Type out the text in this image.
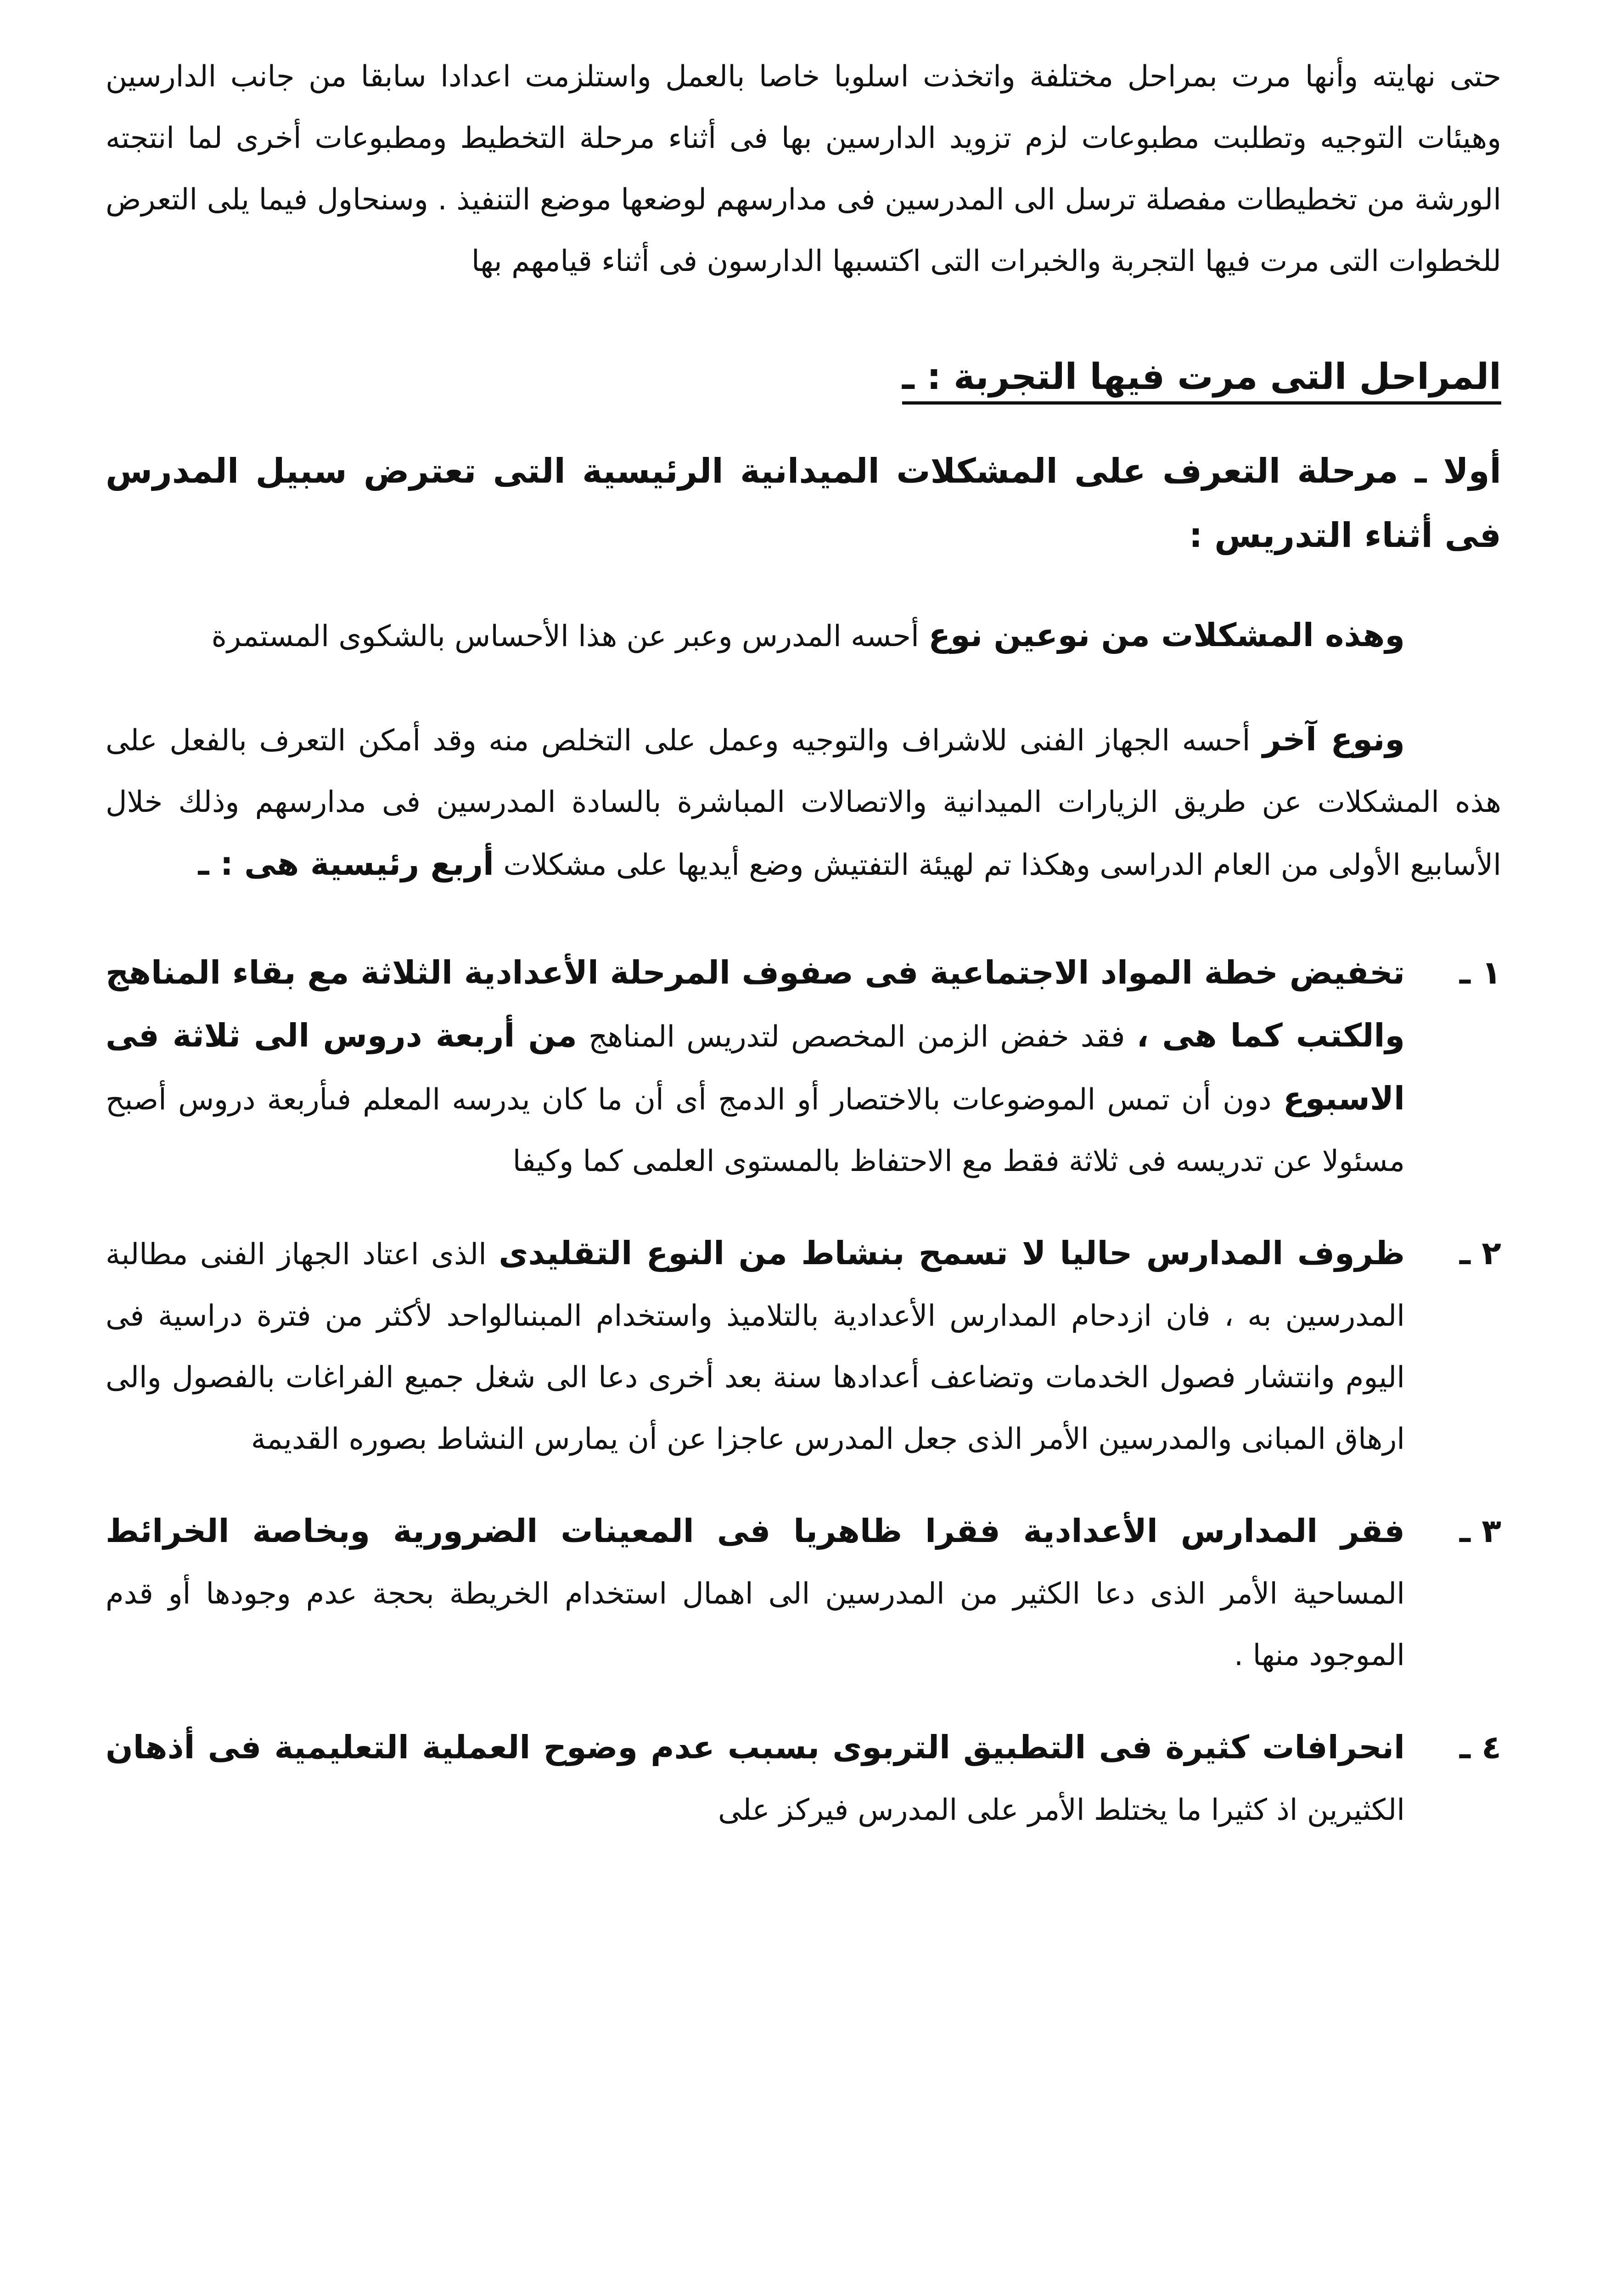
حتى نهايته وأنها مرت بمراحل مختلفة واتخذت اسلوبا خاصا بالعمل واستلزمت اعدادا سابقا من جانب الدارسين وهيئات التوجيه وتطلبت مطبوعات لزم تزويد الدارسين بها فى أثناء مرحلة التخطيط ومطبوعات أخرى لما انتجته الورشة من تخطيطات مفصلة ترسل الى المدرسين فى مدارسهم لوضعها موضع التنفيذ . وسنحاول فيما يلى التعرض للخطوات التى مرت فيها التجربة والخبرات التى اكتسبها الدارسون فى أثناء قيامهم بها

المراحل التى مرت فيها التجربة : ـ
أولا ـ مرحلة التعرف على المشكلات الميدانية الرئيسية التى تعترض سبيل المدرس فى أثناء التدريس :

وهذه المشكلات من نوعين نوع أحسه المدرس وعبر عن هذا الأحساس بالشكوى المستمرة

ونوع آخر أحسه الجهاز الفنى للاشراف والتوجيه وعمل على التخلص منه وقد أمكن التعرف بالفعل على هذه المشكلات عن طريق الزيارات الميدانية والاتصالات المباشرة بالسادة المدرسين فى مدارسهم وذلك خلال الأسابيع الأولى من العام الدراسى وهكذا تم لهيئة التفتيش وضع أيديها على مشكلات أربع رئيسية هى : ـ

١ ـ
تخفيض خطة المواد الاجتماعية فى صفوف المرحلة الأعدادية الثلاثة مع بقاء المناهج والكتب كما هى ، فقد خفض الزمن المخصص لتدريس المناهج من أربعة دروس الى ثلاثة فى الاسبوع دون أن تمس الموضوعات بالاختصار أو الدمج أى أن ما كان يدرسه المعلم فىأربعة دروس أصبح مسئولا عن تدريسه فى ثلاثة فقط مع الاحتفاظ بالمستوى العلمى كما وكيفا
٢ ـ
ظروف المدارس حاليا لا تسمح بنشاط من النوع التقليدى الذى اعتاد الجهاز الفنى مطالبة المدرسين به ، فان ازدحام المدارس الأعدادية بالتلاميذ واستخدام المبنىالواحد لأكثر من فترة دراسية فى اليوم وانتشار فصول الخدمات وتضاعف أعدادها سنة بعد أخرى دعا الى شغل جميع الفراغات بالفصول والى ارهاق المبانى والمدرسين الأمر الذى جعل المدرس عاجزا عن أن يمارس النشاط بصوره القديمة
٣ ـ
فقر المدارس الأعدادية فقرا ظاهريا فى المعينات الضرورية وبخاصة الخرائط المساحية الأمر الذى دعا الكثير من المدرسين الى اهمال استخدام الخريطة بحجة عدم وجودها أو قدم الموجود منها .
٤ ـ
انحرافات كثيرة فى التطبيق التربوى بسبب عدم وضوح العملية التعليمية فى أذهان الكثيرين اذ كثيرا ما يختلط الأمر على المدرس فيركز على
